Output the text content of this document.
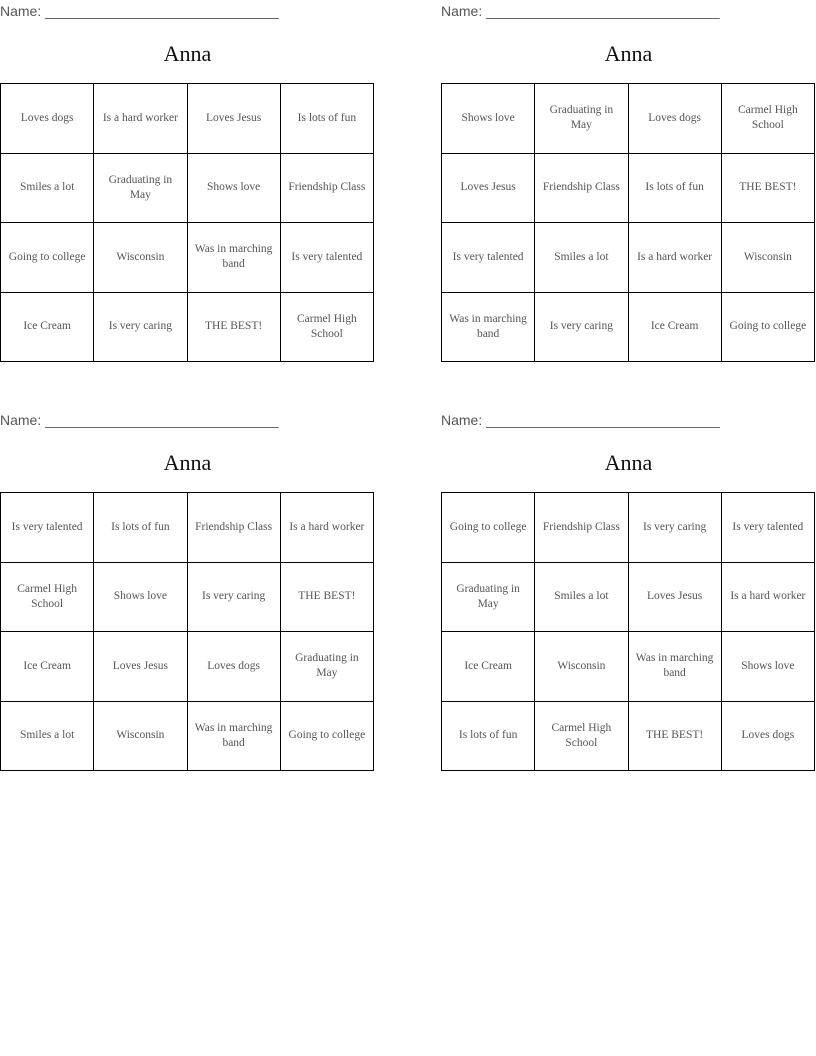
Name: ______________________________
Anna
Loves dogs	Is a hard worker	Loves Jesus	Is lots of fun
Smiles a lot	Graduating in May	Shows love	Friendship Class
Going to college	Wisconsin	Was in marching band	Is very talented
Ice Cream	Is very caring	THE BEST!	Carmel High School
Name: ______________________________
Anna
Shows love	Graduating in May	Loves dogs	Carmel High School
Loves Jesus	Friendship Class	Is lots of fun	THE BEST!
Is very talented	Smiles a lot	Is a hard worker	Wisconsin
Was in marching band	Is very caring	Ice Cream	Going to college
Name: ______________________________
Anna
Is very talented	Is lots of fun	Friendship Class	Is a hard worker
Carmel High School	Shows love	Is very caring	THE BEST!
Ice Cream	Loves Jesus	Loves dogs	Graduating in May
Smiles a lot	Wisconsin	Was in marching band	Going to college
Name: ______________________________
Anna
Going to college	Friendship Class	Is very caring	Is very talented
Graduating in May	Smiles a lot	Loves Jesus	Is a hard worker
Ice Cream	Wisconsin	Was in marching band	Shows love
Is lots of fun	Carmel High School	THE BEST!	Loves dogs
